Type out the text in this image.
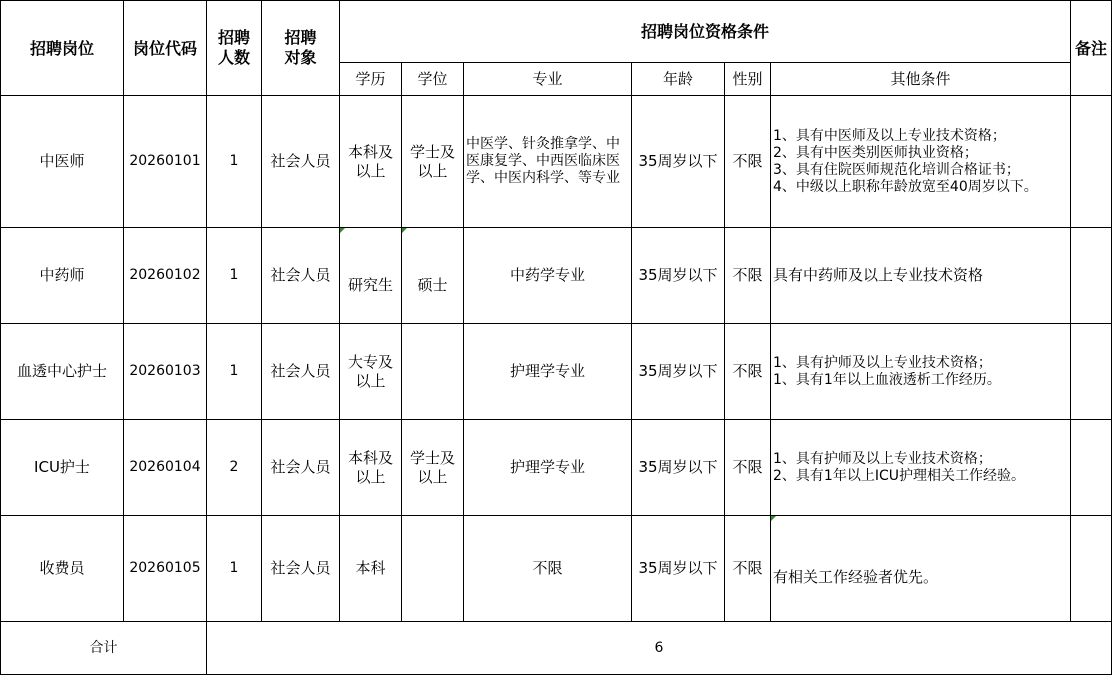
招聘岗位	岗位代码	招聘人数	招聘对象	招聘岗位资格条件						备注
				学历	学位	专业	年龄	性别	其他条件	
中医师	20260101	1	社会人员	本科及以上	学士及以上	中医学、针灸推拿学、中医康复学、中西医临床医学、中医内科学、等专业	35周岁以下	不限	1、具有中医师及以上专业技术资格；
2、具有中医类别医师执业资格；
3、具有住院医师规范化培训合格证书；
4、中级以上职称年龄放宽至40周岁以下。	

中药师	20260102	1	社会人员	研究生	硕士	中药学专业	35周岁以下	不限	具有中药师及以上专业技术资格	

血透中心护士	20260103	1	社会人员	大专及以上		护理学专业	35周岁以下	不限	1、具有护师及以上专业技术资格；
1、具有1年以上血液透析工作经历。	

ICU护士	20260104	2	社会人员	本科及以上	学士及以上	护理学专业	35周岁以下	不限	1、具有护师及以上专业技术资格；
2、具有1年以上ICU护理相关工作经验。	

收费员	20260105	1	社会人员	本科		不限	35周岁以下	不限	有相关工作经验者优先。	

合计		6								
